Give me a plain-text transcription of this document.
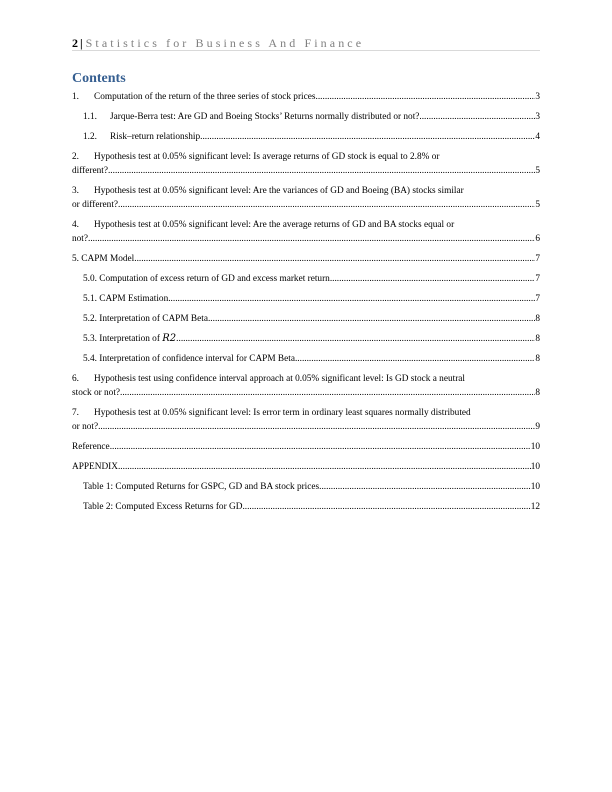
2 | Statistics for Business And Finance
Contents
1. Computation of the return of the three series of stock prices .....	3
1.1. Jarque-Berra test: Are GD and Boeing Stocks’ Returns normally distributed or not? .....	3
1.2. Risk–return relationship .....	4
2. Hypothesis test at 0.05% significant level: Is average returns of GD stock is equal to 2.8% or
different? .....	5
3. Hypothesis test at 0.05% significant level: Are the variances of GD and Boeing (BA) stocks similar
or different? .....	5
4. Hypothesis test at 0.05% significant level: Are the average returns of GD and BA stocks equal or
not? .....	6
5. CAPM Model .....	7
5.0. Computation of excess return of GD and excess market return .....	7
5.1. CAPM Estimation .....	7
5.2. Interpretation of CAPM Beta .....	8
5.3. Interpretation of R2 .....	8
5.4. Interpretation of confidence interval for CAPM Beta .....	8
6. Hypothesis test using confidence interval approach at 0.05% significant level: Is GD stock a neutral
stock or not? .....	8
7. Hypothesis test at 0.05% significant level: Is error term in ordinary least squares normally distributed
or not? .....	9
Reference .....	10
APPENDIX .....	10
Table 1: Computed Returns for GSPC, GD and BA stock prices .....	10
Table 2: Computed Excess Returns for GD .....	12
